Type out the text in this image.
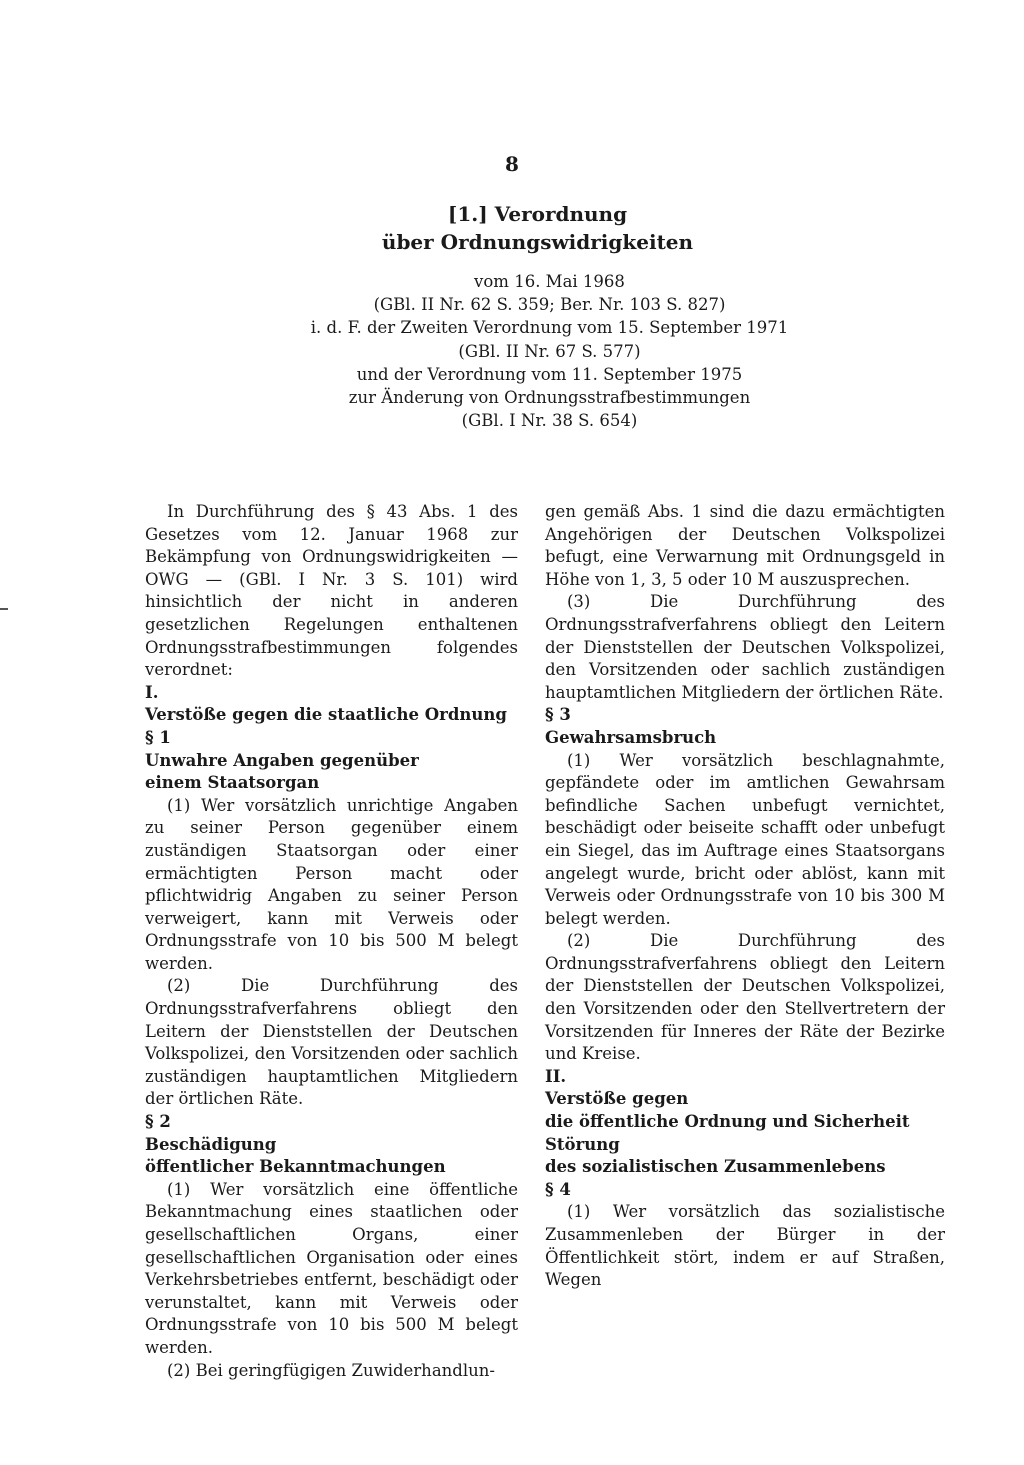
8
[1.] Verordnung
über Ordnungswidrigkeiten
vom 16. Mai 1968
(GBl. II Nr. 62 S. 359; Ber. Nr. 103 S. 827)
i. d. F. der Zweiten Verordnung vom 15. September 1971
(GBl. II Nr. 67 S. 577)
und der Verordnung vom 11. September 1975
zur Änderung von Ordnungsstrafbestimmungen
(GBl. I Nr. 38 S. 654)

In Durchführung des § 43 Abs. 1 des Gesetzes vom 12. Januar 1968 zur Bekämpfung von Ordnungswidrigkeiten — OWG — (GBl. I Nr. 3 S. 101) wird hinsichtlich der nicht in anderen gesetzlichen Regelungen enthaltenen Ordnungsstrafbestimmungen folgendes verordnet:

I.

Verstöße gegen die staatliche Ordnung

§ 1

Unwahre Angaben gegenüber

einem Staatsorgan

(1) Wer vorsätzlich unrichtige Angaben zu seiner Person gegenüber einem zuständigen Staatsorgan oder einer ermächtigten Person macht oder pflichtwidrig Angaben zu seiner Person verweigert, kann mit Verweis oder Ordnungsstrafe von 10 bis 500 M belegt werden.

(2) Die Durchführung des Ordnungsstrafverfahrens obliegt den Leitern der Dienststellen der Deutschen Volkspolizei, den Vorsitzenden oder sachlich zuständigen hauptamtlichen Mitgliedern der örtlichen Räte.

§ 2

Beschädigung

öffentlicher Bekanntmachungen

(1) Wer vorsätzlich eine öffentliche Bekanntmachung eines staatlichen oder gesellschaftlichen Organs, einer gesellschaftlichen Organisation oder eines Verkehrsbetriebes entfernt, beschädigt oder verunstaltet, kann mit Verweis oder Ordnungsstrafe von 10 bis 500 M belegt werden.

(2) Bei geringfügigen Zuwiderhandlun-

gen gemäß Abs. 1 sind die dazu ermächtigten Angehörigen der Deutschen Volkspolizei befugt, eine Verwarnung mit Ordnungsgeld in Höhe von 1, 3, 5 oder 10 M auszusprechen.

(3) Die Durchführung des Ordnungsstrafverfahrens obliegt den Leitern der Dienststellen der Deutschen Volkspolizei, den Vorsitzenden oder sachlich zuständigen hauptamtlichen Mitgliedern der örtlichen Räte.

§ 3

Gewahrsamsbruch

(1) Wer vorsätzlich beschlagnahmte, gepfändete oder im amtlichen Gewahrsam befindliche Sachen unbefugt vernichtet, beschädigt oder beiseite schafft oder unbefugt ein Siegel, das im Auftrage eines Staatsorgans angelegt wurde, bricht oder ablöst, kann mit Verweis oder Ordnungsstrafe von 10 bis 300 M belegt werden.

(2) Die Durchführung des Ordnungsstrafverfahrens obliegt den Leitern der Dienststellen der Deutschen Volkspolizei, den Vorsitzenden oder den Stellvertretern der Vorsitzenden für Inneres der Räte der Bezirke und Kreise.

II.

Verstöße gegen

die öffentliche Ordnung und Sicherheit

Störung

des sozialistischen Zusammenlebens

§ 4

(1) Wer vorsätzlich das sozialistische Zusammenleben der Bürger in der Öffentlichkeit stört, indem er auf Straßen, Wegen
